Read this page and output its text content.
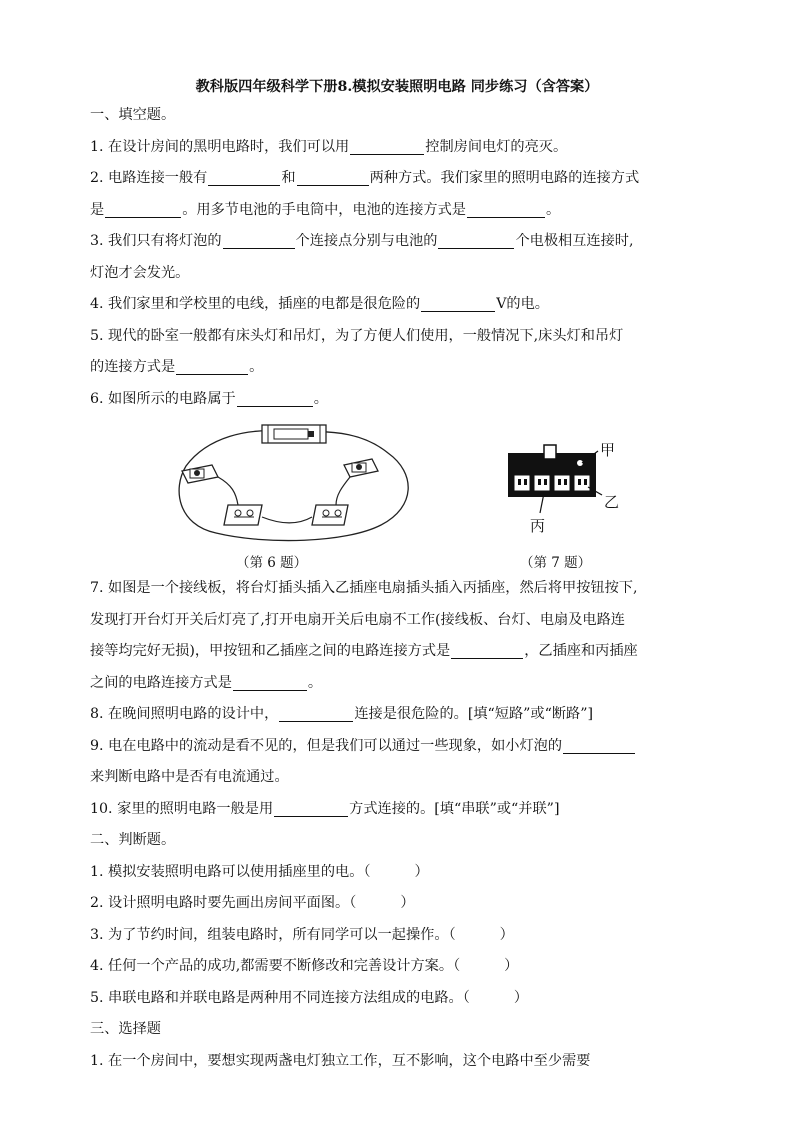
教科版四年级科学下册8.模拟安装照明电路 同步练习（含答案）
一、填空题。
1. 在设计房间的黑明电路时，我们可以用	控制房间电灯的亮灭。
2. 电路连接一般有	和	两种方式。我们家里的照明电路的连接方式
是	。用多节电池的手电筒中，电池的连接方式是	。
3. 我们只有将灯泡的	个连接点分别与电池的	个电极相互连接时,
灯泡才会发光。
4. 我们家里和学校里的电线，插座的电都是很危险的	V的电。
5. 现代的卧室一般都有床头灯和吊灯，为了方便人们使用，一般情况下,床头灯和吊灯
的连接方式是	。
6. 如图所示的电路属于	。
（第 6 题）
甲
乙
丙
（第 7 题）
7. 如图是一个接线板，将台灯插头插入乙插座电扇插头插入丙插座，然后将甲按钮按下,
发现打开台灯开关后灯亮了,打开电扇开关后电扇不工作(接线板、台灯、电扇及电路连
接等均完好无损)，甲按钮和乙插座之间的电路连接方式是	，乙插座和丙插座
之间的电路连接方式是	。
8. 在晚间照明电路的设计中，	连接是很危险的。[填“短路”或“断路”]
9. 电在电路中的流动是看不见的，但是我们可以通过一些现象，如小灯泡的
来判断电路中是否有电流通过。
10. 家里的照明电路一般是用	方式连接的。[填“串联”或“并联”]
二、判断题。
1. 模拟安装照明电路可以使用插座里的电。（	）
2. 设计照明电路时要先画出房间平面图。（	）
3. 为了节约时间，组装电路时，所有同学可以一起操作。（	）
4. 任何一个产品的成功,都需要不断修改和完善设计方案。（	）
5. 串联电路和并联电路是两种用不同连接方法组成的电路。（	）
三、选择题
1. 在一个房间中，要想实现两盏电灯独立工作，互不影响，这个电路中至少需要
